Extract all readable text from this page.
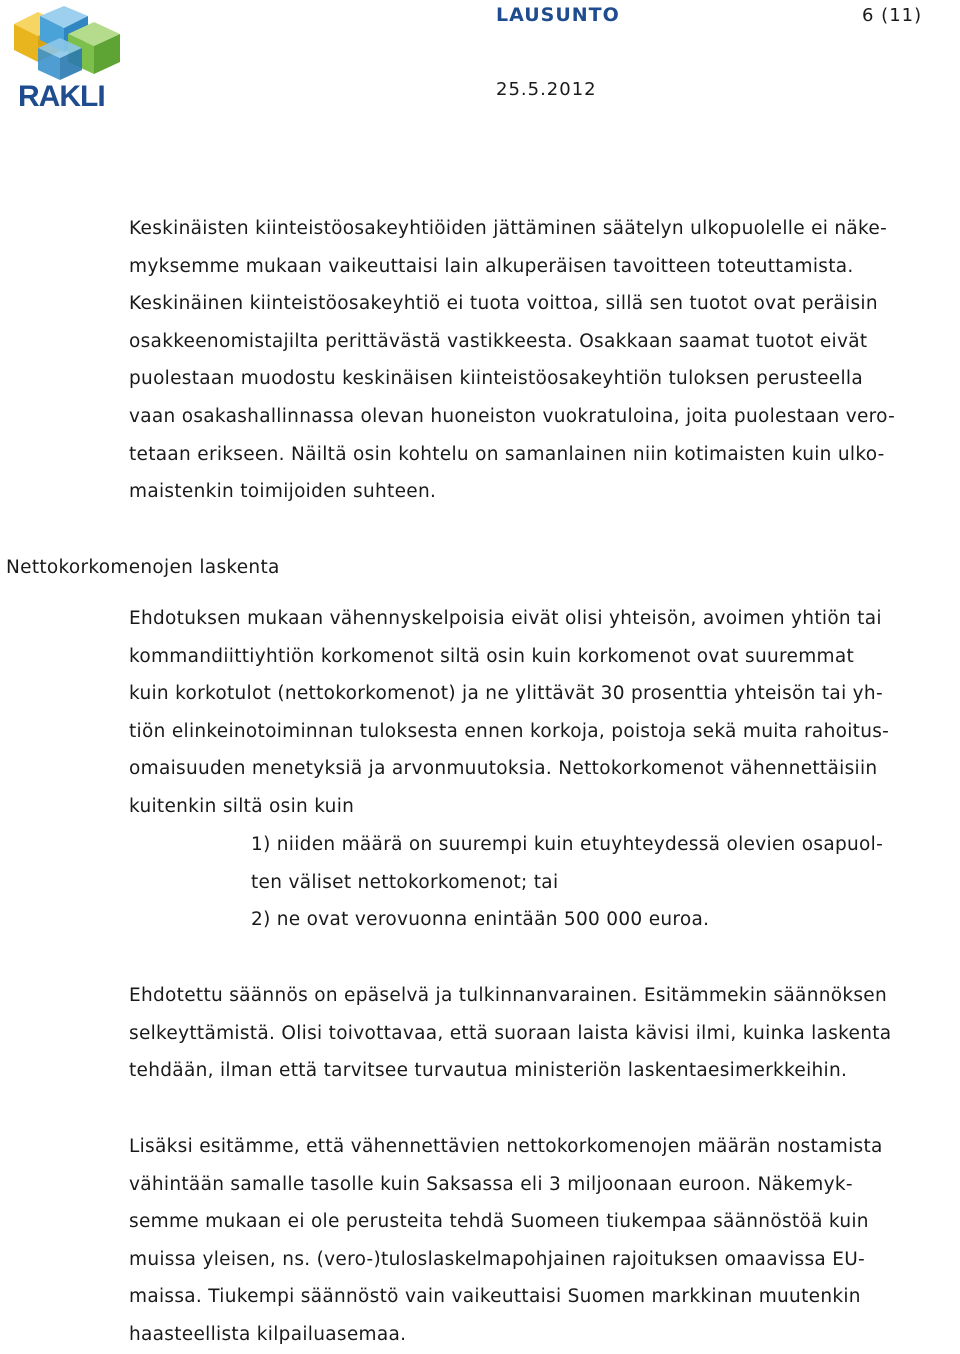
RAKLI
LAUSUNTO	6 (11)
25.5.2012
Keskinäisten kiinteistöosakeyhtiöiden jättäminen säätelyn ulkopuolelle ei näke-
myksemme mukaan vaikeuttaisi lain alkuperäisen tavoitteen toteuttamista.
Keskinäinen kiinteistöosakeyhtiö ei tuota voittoa, sillä sen tuotot ovat peräisin
osakkeenomistajilta perittävästä vastikkeesta. Osakkaan saamat tuotot eivät
puolestaan muodostu keskinäisen kiinteistöosakeyhtiön tuloksen perusteella
vaan osakashallinnassa olevan huoneiston vuokratuloina, joita puolestaan vero-
tetaan erikseen. Näiltä osin kohtelu on samanlainen niin kotimaisten kuin ulko-
maistenkin toimijoiden suhteen.
Nettokorkomenojen laskenta
Ehdotuksen mukaan vähennyskelpoisia eivät olisi yhteisön, avoimen yhtiön tai
kommandiittiyhtiön korkomenot siltä osin kuin korkomenot ovat suuremmat
kuin korkotulot (nettokorkomenot) ja ne ylittävät 30 prosenttia yhteisön tai yh-
tiön elinkeinotoiminnan tuloksesta ennen korkoja, poistoja sekä muita rahoitus-
omaisuuden menetyksiä ja arvonmuutoksia. Nettokorkomenot vähennettäisiin
kuitenkin siltä osin kuin
1) niiden määrä on suurempi kuin etuyhteydessä olevien osapuol-
ten väliset nettokorkomenot; tai
2) ne ovat verovuonna enintään 500 000 euroa.
Ehdotettu säännös on epäselvä ja tulkinnanvarainen. Esitämmekin säännöksen
selkeyttämistä. Olisi toivottavaa, että suoraan laista kävisi ilmi, kuinka laskenta
tehdään, ilman että tarvitsee turvautua ministeriön laskentaesimerkkeihin.
Lisäksi esitämme, että vähennettävien nettokorkomenojen määrän nostamista
vähintään samalle tasolle kuin Saksassa eli 3 miljoonaan euroon. Näkemyk-
semme mukaan ei ole perusteita tehdä Suomeen tiukempaa säännöstöä kuin
muissa yleisen, ns. (vero-)tuloslaskelmapohjainen rajoituksen omaavissa EU-
maissa. Tiukempi säännöstö vain vaikeuttaisi Suomen markkinan muutenkin
haasteellista kilpailuasemaa.
